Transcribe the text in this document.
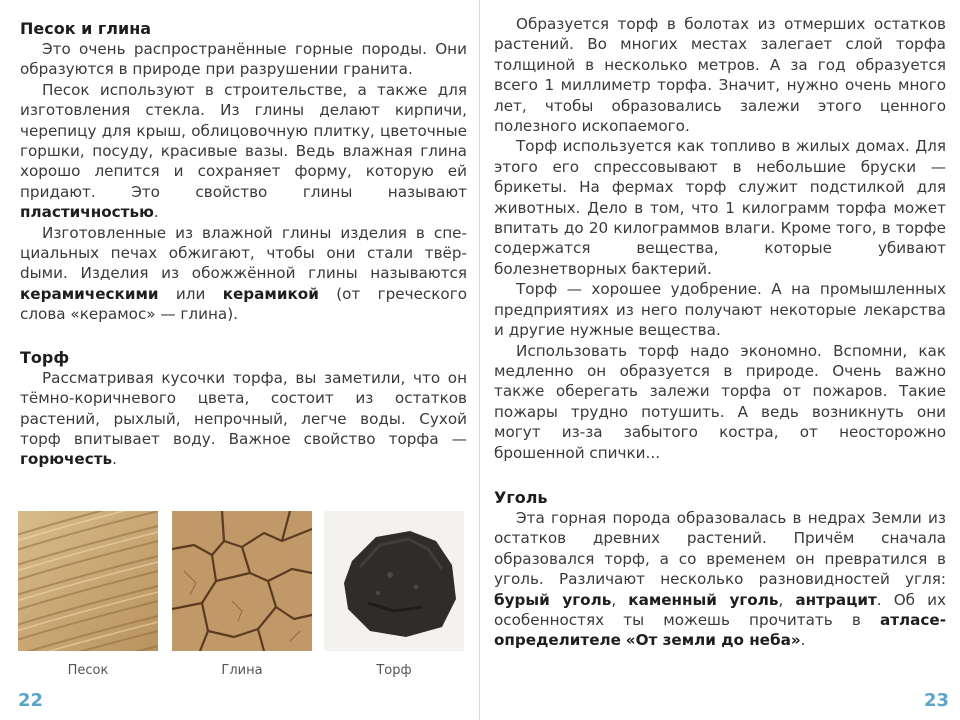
Песок и глина

Это очень распространённые горные породы. Они образуются в природе при разрушении гранита.

Песок используют в строительстве, а также для изготовления стекла. Из глины делают кирпичи, черепицу для крыш, облицовочную плитку, цветочные горшки, посуду, красивые вазы. Ведь влажная глина хорошо лепится и сохраняет форму, которую ей придают. Это свойство глины называют пластичностью.

Изготовленные из влажной глины изделия в специальных печах обжигают, чтобы они стали твёрdыми. Изделия из обожжённой глины называются керамическими или керамикой (от греческого слова «керамос» — глина).

Торф

Рассматривая кусочки торфа, вы заметили, что он тёмно-коричневого цвета, состоит из остатков растений, рыхлый, непрочный, легче воды. Сухой торф впитывает воду. Важное свойство торфа — горючесть.

Песок	Глина	Торф
22	23

Образуется торф в болотах из отмерших остатков растений. Во многих местах залегает слой торфа толщиной в несколько метров. А за год образуется всего 1 миллиметр торфа. Значит, нужно очень много лет, чтобы образовались залежи этого ценного полезного ископаемого.

Торф используется как топливо в жилых домах. Для этого его спрессовывают в небольшие бруски — брикеты. На фермах торф служит подстилкой для животных. Дело в том, что 1 килограмм торфа может впитать до 20 килограммов влаги. Кроме того, в торфе содержатся вещества, которые убивают болезнетворных бактерий.

Торф — хорошее удобрение. А на промышленных предприятиях из него получают некоторые лекарства и другие нужные вещества.

Использовать торф надо экономно. Вспомни, как медленно он образуется в природе. Очень важно также оберегать залежи торфа от пожаров. Такие пожары трудно потушить. А ведь возникнуть они могут из-за забытого костра, от неосторожно брошенной спички...

Уголь

Эта горная порода образовалась в недрах Земли из остатков древних растений. Причём сначала образовался торф, а со временем он превратился в уголь. Различают несколько разновидностей угля: бурый уголь, каменный уголь, антрацит. Об их особенностях ты можешь прочитать в атласе-определителе «От земли до неба».
